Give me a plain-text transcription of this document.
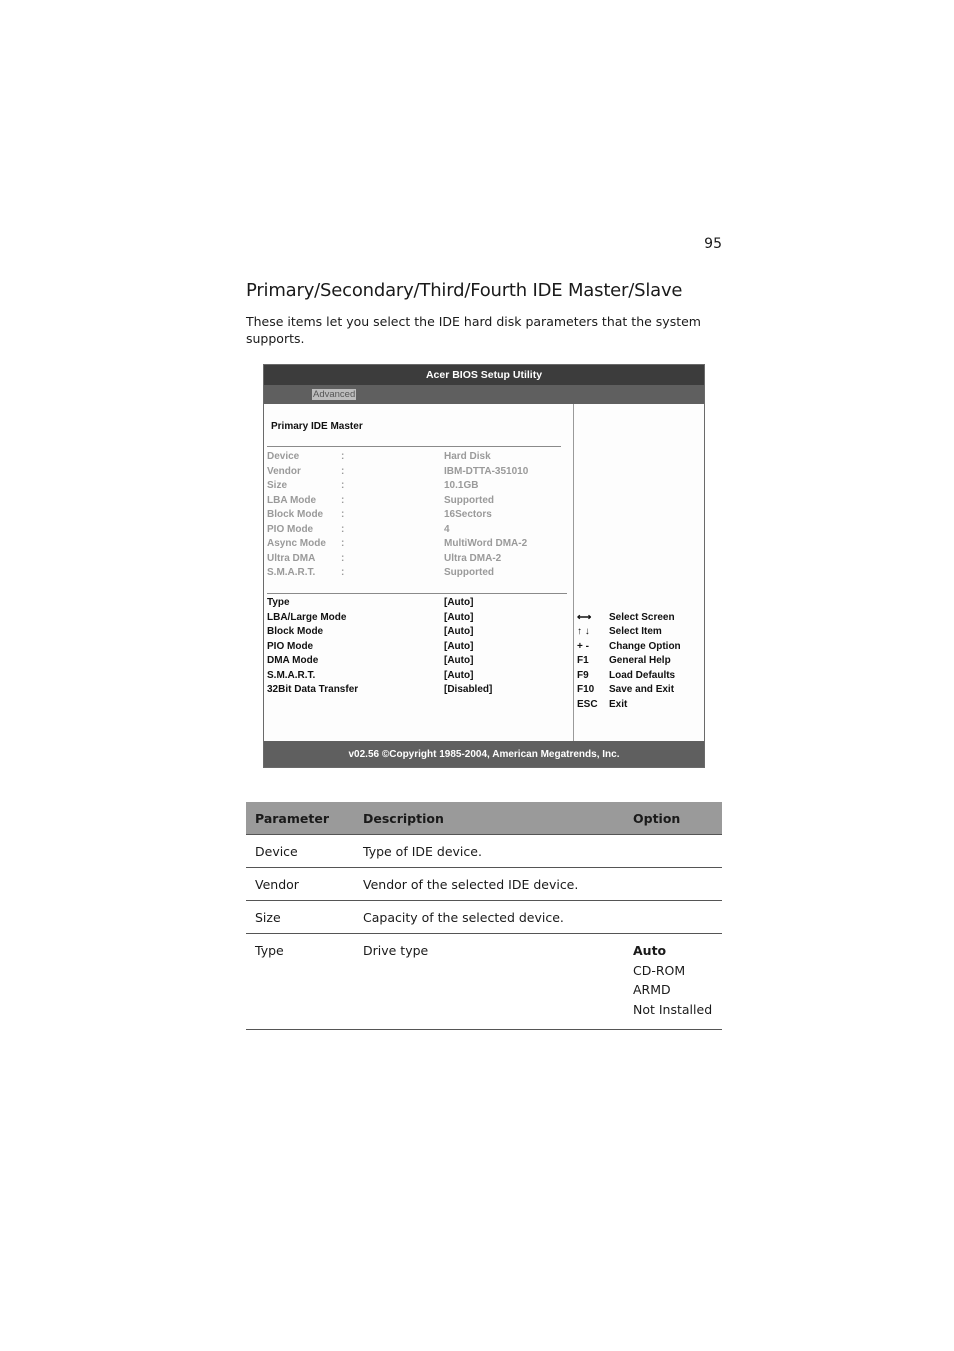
95
Primary/Secondary/Third/Fourth IDE Master/Slave

These items let you select the IDE hard disk parameters that the system supports.

Acer BIOS Setup Utility
Advanced
Primary IDE Master
Device	:	Hard Disk
Vendor	:	IBM-DTTA-351010
Size	:	10.1GB
LBA Mode :	Supported
Block Mode :	16Sectors
PIO Mode	:	4
Async Mode :	MultiWord DMA-2
Ultra DMA	:	Ultra DMA-2
S.M.A.R.T.	:	Supported
Type	[Auto]
LBA/Large Mode	[Auto]
Block Mode	[Auto]
PIO Mode	[Auto]
DMA Mode	[Auto]
S.M.A.R.T.	[Auto]
32Bit Data Transfer	[Disabled]
⟷ Select Screen
↑ ↓ Select Item
+ - Change Option
F1 General Help
F9 Load Defaults
F10 Save and Exit
ESC Exit
v02.56 ©Copyright 1985-2004, American Megatrends, Inc.
Parameter	Description	Option
Device	Type of IDE device.	
Vendor	Vendor of the selected IDE device.	
Size	Capacity of the selected device.	
Type	Drive type	Auto
CD-ROM
ARMD
Not Installed
